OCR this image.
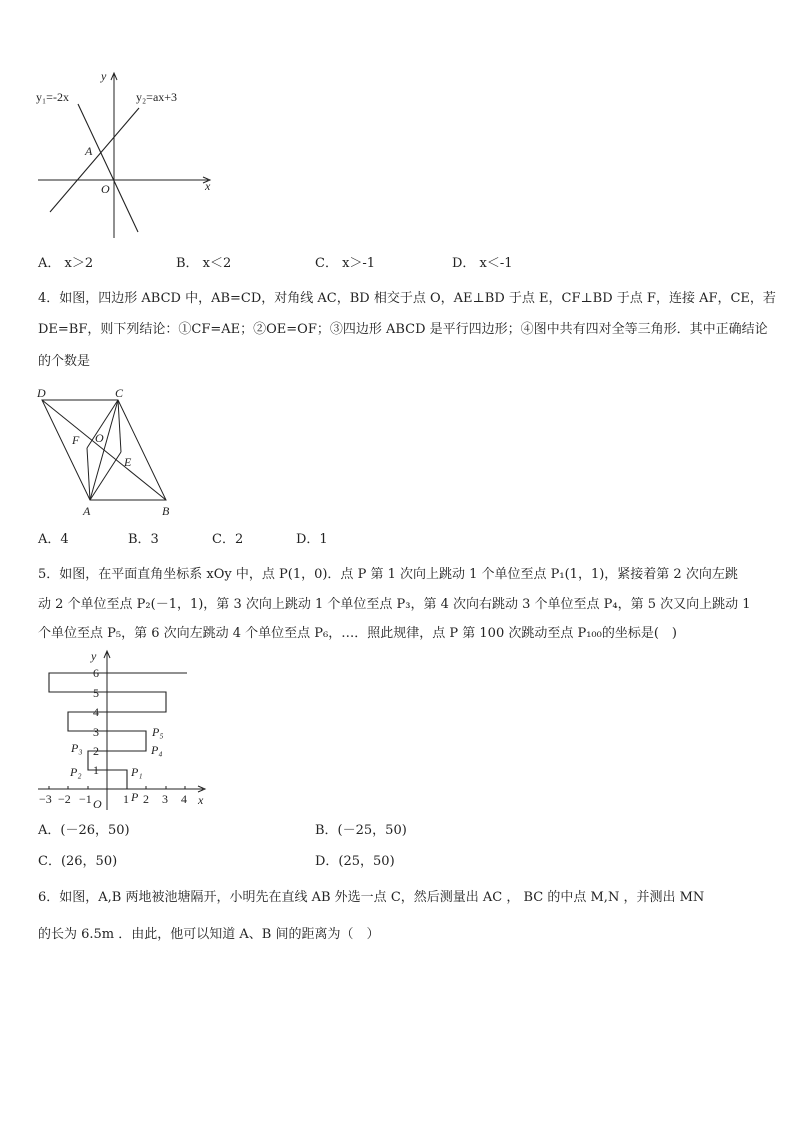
y₁=-2x	y₂=ax+3
y
x
A
O
A． x＞2	B． x＜2	C． x＞-1	D． x＜-1
4．如图，四边形 ABCD 中，AB=CD，对角线 AC，BD 相交于点 O，AE⊥BD 于点 E，CF⊥BD 于点 F，连接 AF，CE，若
DE=BF，则下列结论：①CF=AE；②OE=OF；③四边形 ABCD 是平行四边形；④图中共有四对全等三角形．其中正确结论
的个数是
D	C
F O
E
A	B
A．4	B．3	C．2	D．1
5．如图，在平面直角坐标系 xOy 中，点 P(1，0)．点 P 第 1 次向上跳动 1 个单位至点 P₁(1，1)，紧接着第 2 次向左跳
动 2 个单位至点 P₂(－1，1)，第 3 次向上跳动 1 个单位至点 P₃，第 4 次向右跳动 3 个单位至点 P₄，第 5 次又向上跳动 1
个单位至点 P₅，第 6 次向左跳动 4 个单位至点 P₆，…．照此规律，点 P 第 100 次跳动至点 P₁₀₀的坐标是(　)
6
5
4
3
2
1
−3 −2 −1	1 2 3 4
y
x
O P
P₁
P₂
P₃	P₄
P₅
A．(－26，50)	B．(－25，50)
C．(26，50)	D．(25，50)
6．如图，A,B 两地被池塘隔开，小明先在直线 AB 外选一点 C，然后测量出 AC ， BC 的中点 M,N ，并测出 MN
的长为 6.5m ．由此，他可以知道 A、B 间的距离为（　）
